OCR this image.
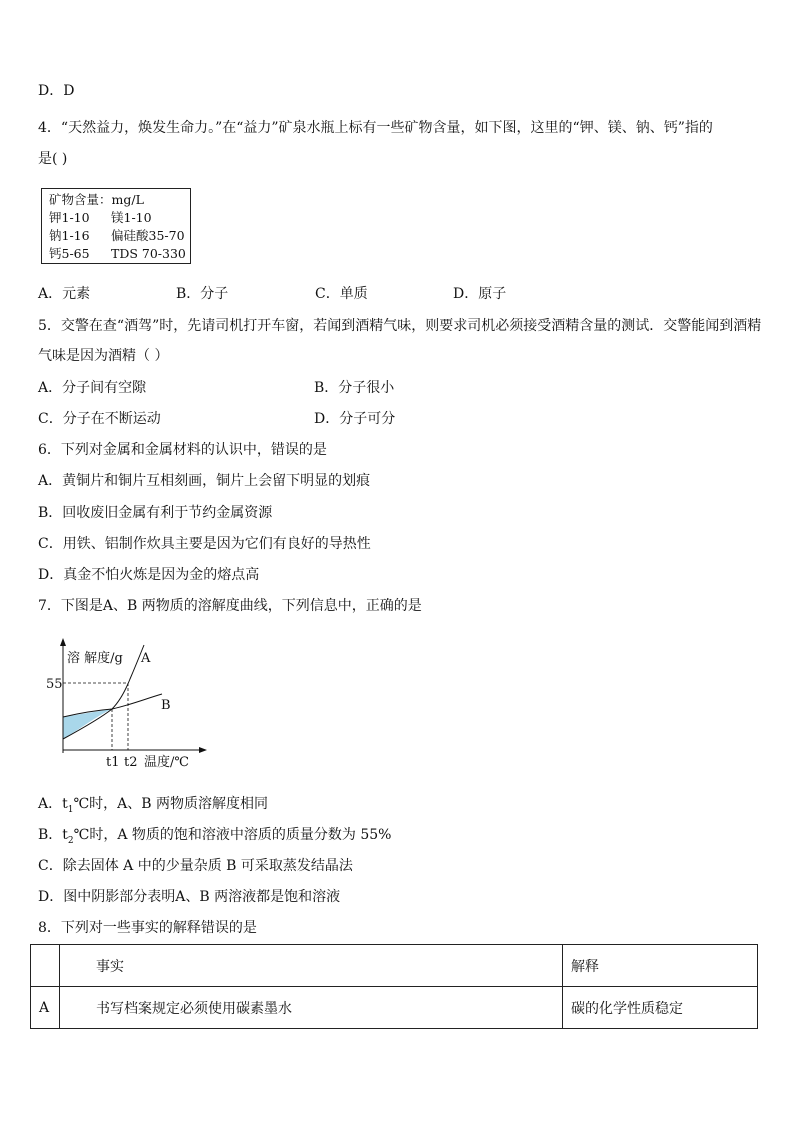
D．D
4．“天然益力，焕发生命力。”在“益力”矿泉水瓶上标有一些矿物含量，如下图，这里的“钾、镁、钠、钙”指的
是( )
矿物含量：mg/L
钾1-10 镁1-10
钠1-16 偏硅酸35-70
钙5-65 TDS 70-330
A．元素	B．分子	C．单质	D．原子
5．交警在查“酒驾”时，先请司机打开车窗，若闻到酒精气味，则要求司机必须接受酒精含量的测试．交警能闻到酒精
气味是因为酒精（ ）
A．分子间有空隙	B．分子很小
C．分子在不断运动	D．分子可分
6．下列对金属和金属材料的认识中，错误的是
A．黄铜片和铜片互相刻画，铜片上会留下明显的划痕
B．回收废旧金属有利于节约金属资源
C．用铁、铝制作炊具主要是因为它们有良好的导热性
D．真金不怕火炼是因为金的熔点高
7．下图是A、B 两物质的溶解度曲线，下列信息中，正确的是
溶 解度/g A
55
B
t1 t2 温度/℃
A．$t_1℃$时，A、B 两物质溶解度相同
B．$t_2℃$时，A 物质的饱和溶液中溶质的质量分数为 55%
C．除去固体 A 中的少量杂质 B 可采取蒸发结晶法
D．图中阴影部分表明A、B 两溶液都是饱和溶液
8．下列对一些事实的解释错误的是
	事实	解释
A	书写档案规定必须使用碳素墨水	碳的化学性质稳定
